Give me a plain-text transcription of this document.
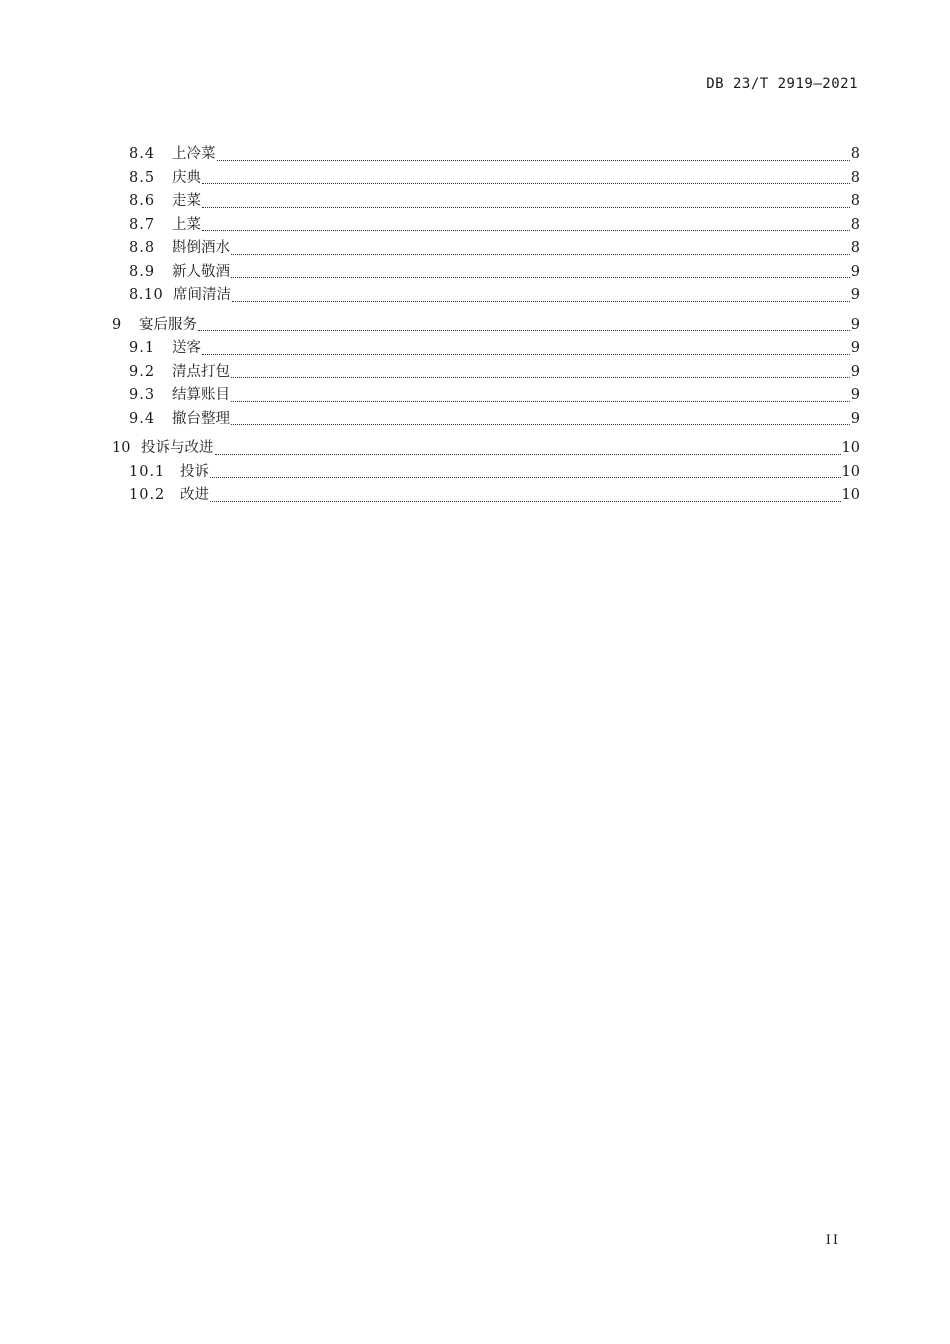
DB 23/T 2919—2021
8.4	上冷菜	8
8.5	庆典	8
8.6	走菜	8
8.7	上菜	8
8.8	斟倒酒水	8
8.9	新人敬酒	9
8.10 席间清洁	9
9	宴后服务	9
9.1	送客	9
9.2	清点打包	9
9.3	结算账目	9
9.4	撤台整理	9
10 投诉与改进	10
10.1	投诉	10
10.2	改进	10
II
